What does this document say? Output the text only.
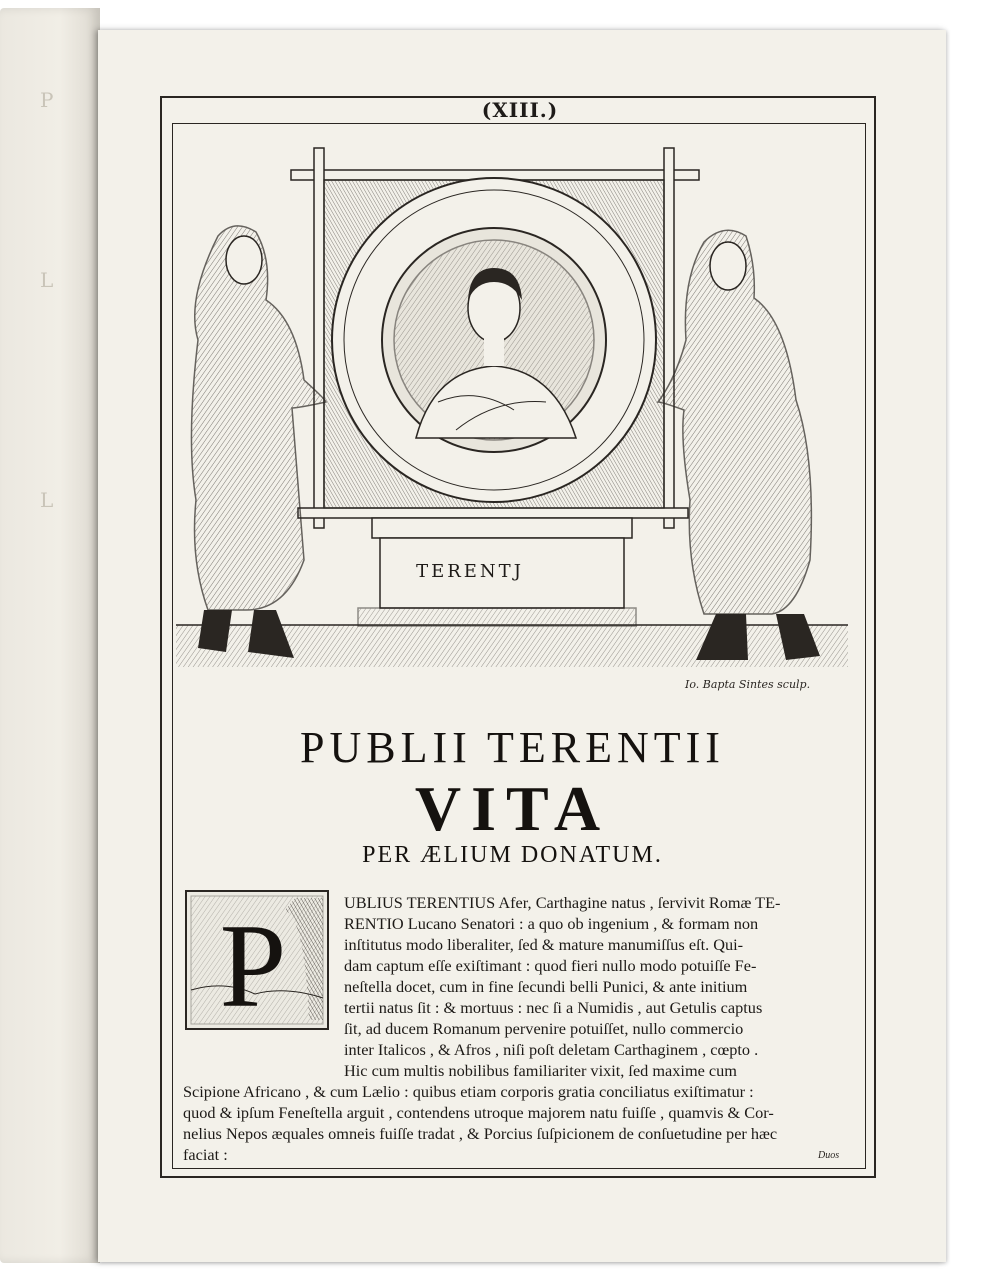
P
L
L
(XIII.)
TERENTJ
Io. Bapta Sintes sculp.
PUBLII TERENTII
VITA
PER ÆLIUM DONATUM.
P	UBLIUS TERENTIUS Afer, Carthagine natus , ſervivit Romæ TE-
RENTIO Lucano Senatori : a quo ob ingenium , & formam non
inſtitutus modo liberaliter, ſed & mature manumiſſus eſt. Qui-
dam captum eſſe exiſtimant : quod fieri nullo modo potuiſſe Fe-
neſtella docet, cum in fine ſecundi belli Punici, & ante initium
tertii natus ſit : & mortuus : nec ſi a Numidis , aut Getulis captus
ſit, ad ducem Romanum pervenire potuiſſet, nullo commercio
inter Italicos , & Afros , niſi poſt deletam Carthaginem , cœpto .
Hic cum multis nobilibus familiariter vixit, ſed maxime cum
Scipione Africano , & cum Lælio : quibus etiam corporis gratia conciliatus exiſtimatur :
quod & ipſum Feneſtella arguit , contendens utroque majorem natu fuiſſe , quamvis & Cor-
nelius Nepos æquales omneis fuiſſe tradat , & Porcius ſuſpicionem de conſuetudine per hæc
faciat :	Duos
